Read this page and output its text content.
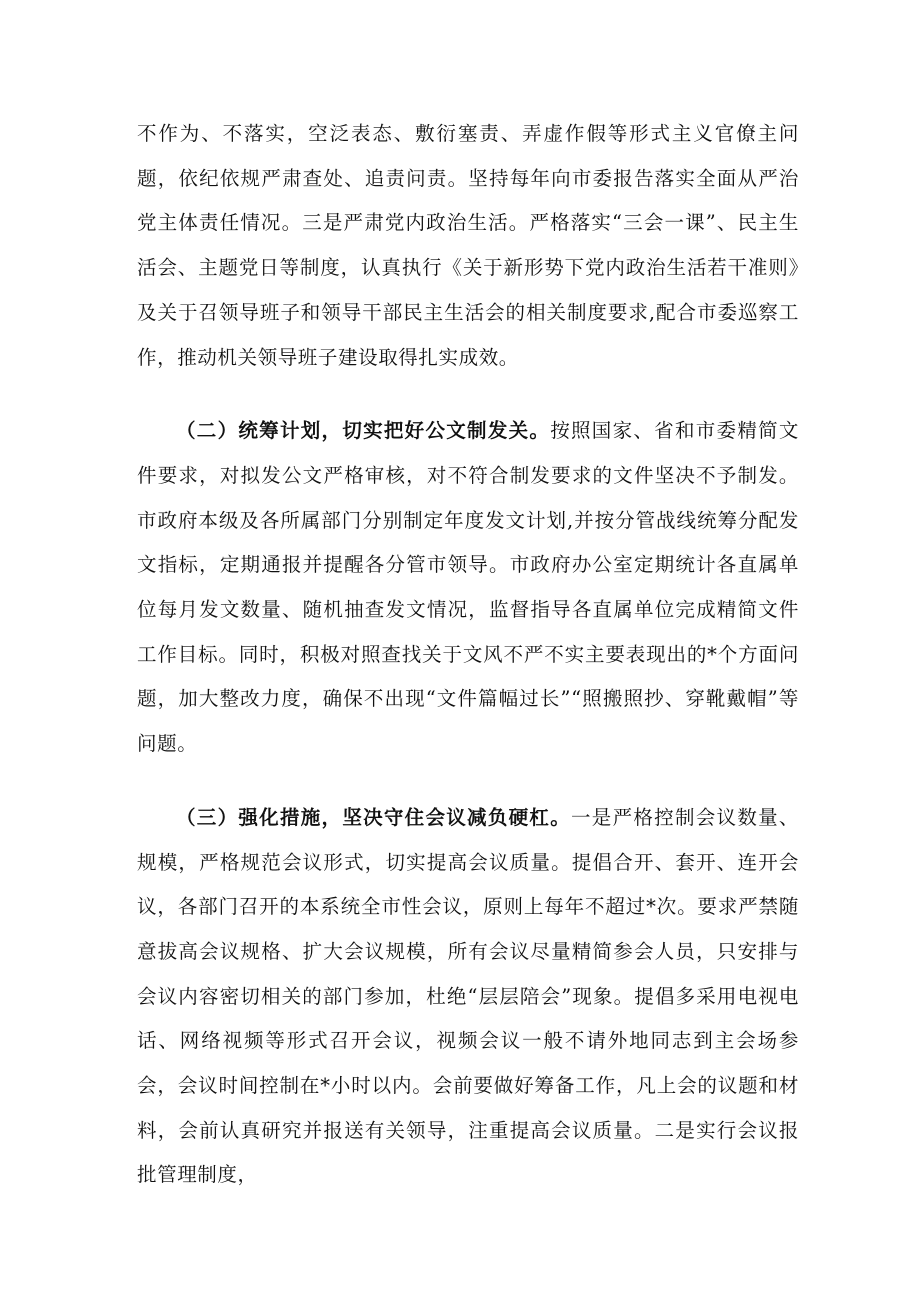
不作为、不落实，空泛表态、敷衍塞责、弄虚作假等形式主义官僚主问题，依纪依规严肃查处、追责问责。坚持每年向市委报告落实全面从严治党主体责任情况。三是严肃党内政治生活。严格落实“三会一课”、民主生活会、主题党日等制度，认真执行《关于新形势下党内政治生活若干准则》及关于召领导班子和领导干部民主生活会的相关制度要求,配合市委巡察工作，推动机关领导班子建设取得扎实成效。

（二）统筹计划，切实把好公文制发关。按照国家、省和市委精简文件要求，对拟发公文严格审核，对不符合制发要求的文件坚决不予制发。市政府本级及各所属部门分别制定年度发文计划,并按分管战线统筹分配发文指标，定期通报并提醒各分管市领导。市政府办公室定期统计各直属单位每月发文数量、随机抽查发文情况，监督指导各直属单位完成精简文件工作目标。同时，积极对照查找关于文风不严不实主要表现出的*个方面问题，加大整改力度，确保不出现“文件篇幅过长”“照搬照抄、穿靴戴帽”等问题。

（三）强化措施，坚决守住会议减负硬杠。一是严格控制会议数量、规模，严格规范会议形式，切实提高会议质量。提倡合开、套开、连开会议，各部门召开的本系统全市性会议，原则上每年不超过*次。要求严禁随意拔高会议规格、扩大会议规模，所有会议尽量精简参会人员，只安排与会议内容密切相关的部门参加，杜绝“层层陪会”现象。提倡多采用电视电话、网络视频等形式召开会议，视频会议一般不请外地同志到主会场参会，会议时间控制在*小时以内。会前要做好筹备工作，凡上会的议题和材料，会前认真研究并报送有关领导，注重提高会议质量。二是实行会议报批管理制度，
